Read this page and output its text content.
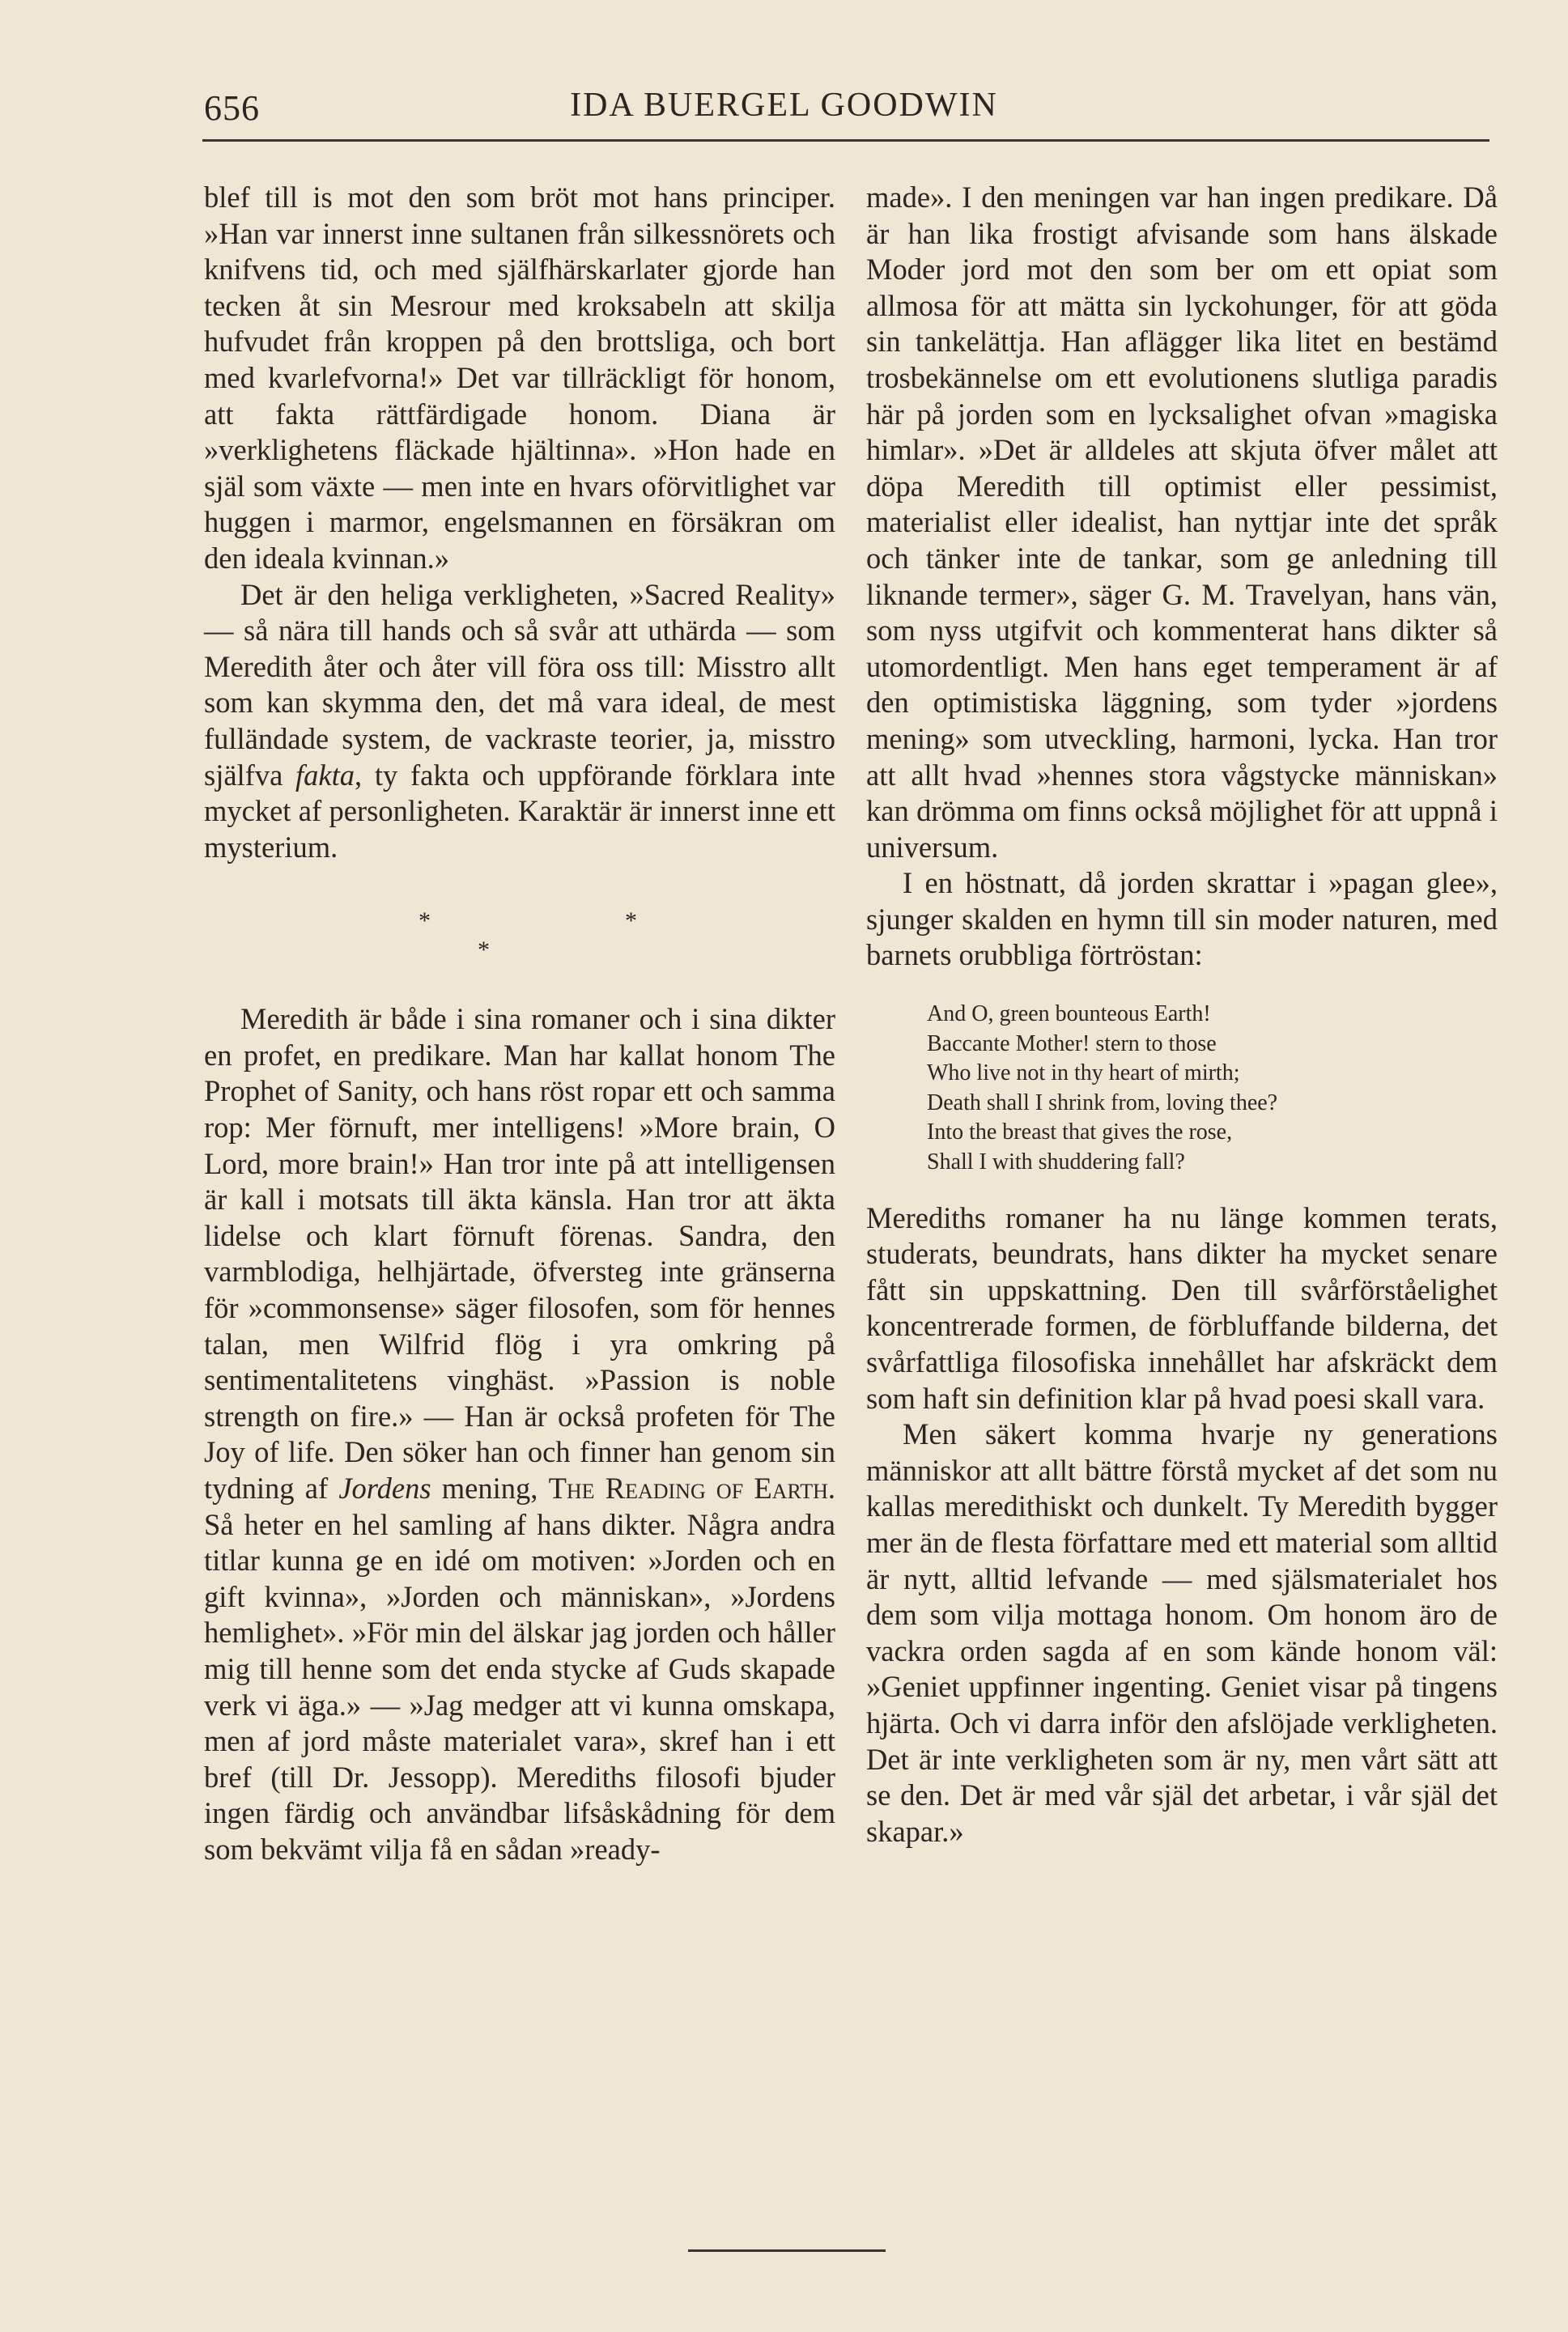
656	IDA BUERGEL GOODWIN

blef till is mot den som bröt mot hans principer. »Han var innerst inne sultanen från silkessnörets och knifvens tid, och med själfhärskarlater gjorde han tecken åt sin Mesrour med kroksabeln att skilja hufvudet från kroppen på den brottsliga, och bort med kvarlefvorna!» Det var tillräckligt för honom, att fakta rättfärdigade honom. Diana är »verklighetens fläckade hjältinna». »Hon hade en själ som växte — men inte en hvars oförvitlighet var huggen i marmor, engelsmannen en försäkran om den ideala kvinnan.»

Det är den heliga verkligheten, »Sacred Reality» — så nära till hands och så svår att uthärda — som Meredith åter och åter vill föra oss till: Misstro allt som kan skymma den, det må vara ideal, de mest fulländade system, de vackraste teorier, ja, misstro själfva fakta, ty fakta och uppförande förklara inte mycket af personligheten. Karaktär är innerst inne ett mysterium.

*
*
*

Meredith är både i sina romaner och i sina dikter en profet, en predikare. Man har kallat honom The Prophet of Sanity, och hans röst ropar ett och samma rop: Mer förnuft, mer intelligens! »More brain, O Lord, more brain!» Han tror inte på att intelligensen är kall i motsats till äkta känsla. Han tror att äkta lidelse och klart förnuft förenas. Sandra, den varmblodiga, helhjärtade, öfversteg inte gränserna för »commonsense» säger filosofen, som för hennes talan, men Wilfrid flög i yra omkring på sentimentalitetens vinghäst. »Passion is noble strength on fire.» — Han är också profeten för The Joy of life. Den söker han och finner han genom sin tydning af Jordens mening, The Reading of Earth. Så heter en hel samling af hans dikter. Några andra titlar kunna ge en idé om motiven: »Jorden och en gift kvinna», »Jorden och människan», »Jordens hemlighet». »För min del älskar jag jorden och håller mig till henne som det enda stycke af Guds skapade verk vi äga.» — »Jag medger att vi kunna omskapa, men af jord måste materialet vara», skref han i ett bref (till Dr. Jessopp). Merediths filosofi bjuder ingen färdig och användbar lifsåskådning för dem som bekvämt vilja få en sådan »ready-

made». I den meningen var han ingen predikare. Då är han lika frostigt afvisande som hans älskade Moder jord mot den som ber om ett opiat som allmosa för att mätta sin lyckohunger, för att göda sin tankelättja. Han aflägger lika litet en bestämd trosbekännelse om ett evolutionens slutliga paradis här på jorden som en lycksalighet ofvan »magiska himlar». »Det är alldeles att skjuta öfver målet att döpa Meredith till optimist eller pessimist, materialist eller idealist, han nyttjar inte det språk och tänker inte de tankar, som ge anledning till liknande termer», säger G. M. Travelyan, hans vän, som nyss utgifvit och kommenterat hans dikter så utomordentligt. Men hans eget temperament är af den optimistiska läggning, som tyder »jordens mening» som utveckling, harmoni, lycka. Han tror att allt hvad »hennes stora vågstycke människan» kan drömma om finns också möjlighet för att uppnå i universum.

I en höstnatt, då jorden skrattar i »pagan glee», sjunger skalden en hymn till sin moder naturen, med barnets orubbliga förtröstan:

And O, green bounteous Earth!
Baccante Mother! stern to those
Who live not in thy heart of mirth;
Death shall I shrink from, loving thee?
Into the breast that gives the rose,
Shall I with shuddering fall?

Merediths romaner ha nu länge kommen terats, studerats, beundrats, hans dikter ha mycket senare fått sin uppskattning. Den till svårförståelighet koncentrerade formen, de förbluffande bilderna, det svårfattliga filosofiska innehållet har afskräckt dem som haft sin definition klar på hvad poesi skall vara.

Men säkert komma hvarje ny generations människor att allt bättre förstå mycket af det som nu kallas meredithiskt och dunkelt. Ty Meredith bygger mer än de flesta författare med ett material som alltid är nytt, alltid lefvande — med själsmaterialet hos dem som vilja mottaga honom. Om honom äro de vackra orden sagda af en som kände honom väl: »Geniet uppfinner ingenting. Geniet visar på tingens hjärta. Och vi darra inför den afslöjade verkligheten. Det är inte verkligheten som är ny, men vårt sätt att se den. Det är med vår själ det arbetar, i vår själ det skapar.»
